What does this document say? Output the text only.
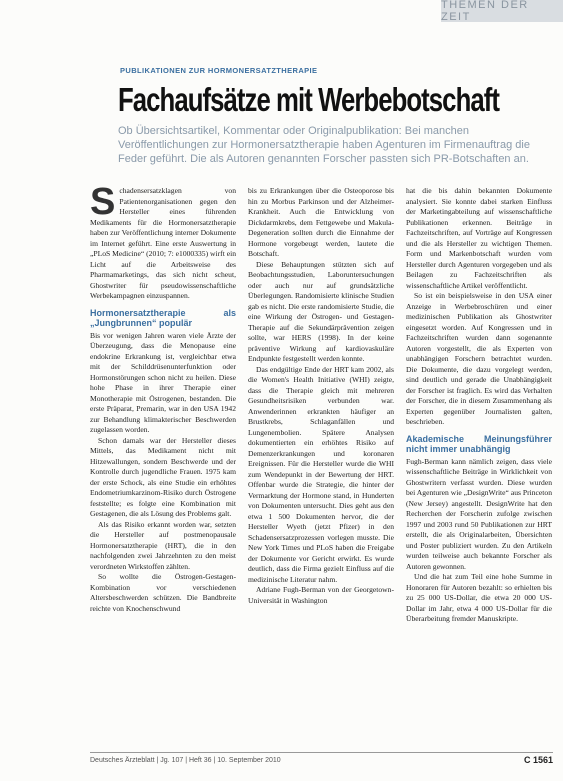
THEMEN DER ZEIT
PUBLIKATIONEN ZUR HORMONERSATZTHERAPIE
Fachaufsätze mit Werbebotschaft
Ob Übersichtsartikel, Kommentar oder Originalpublikation: Bei manchen Veröffentlichungen zur Hormonersatztherapie haben Agenturen im Firmenauftrag die Feder geführt. Die als Autoren genannten Forscher passten sich PR-Botschaften an.

Schadensersatzklagen von Patientenorganisationen gegen den Hersteller eines führenden Medikaments für die Hormonersatztherapie haben zur Veröffentlichung interner Dokumente im Internet geführt. Eine erste Auswertung in „PLoS Medicine“ (2010; 7: e1000335) wirft ein Licht auf die Arbeitsweise des Pharmamarketings, das sich nicht scheut, Ghostwriter für pseudowissenschaftliche Werbekampagnen einzuspannen.

Hormonersatztherapie als „Jungbrunnen“ populär

Bis vor wenigen Jahren waren viele Ärzte der Überzeugung, dass die Menopause eine endokrine Erkrankung ist, vergleichbar etwa mit der Schilddrüsenunterfunktion oder Hormonstörungen schon nicht zu heilen. Diese hohe Phase in ihrer Therapie einer Monotherapie mit Östrogenen, bestanden. Die erste Präparat, Premarin, war in den USA 1942 zur Behandlung klimakterischer Beschwerden zugelassen worden.

Schon damals war der Hersteller dieses Mittels, das Medikament nicht mit Hitzewallungen, sondern Beschwerde und der Kontrolle durch jugendliche Frauen. 1975 kam der erste Schock, als eine Studie ein erhöhtes Endometriumkarzinom-Risiko durch Östrogene feststellte; es folgte eine Kombination mit Gestagenen, die als Lösung des Problems galt.

Als das Risiko erkannt worden war, setzten die Hersteller auf postmenopausale Hormonersatztherapie (HRT), die in den nachfolgenden zwei Jahrzehnten zu den meist verordneten Wirkstoffen zählten.

So wollte die Östrogen-Gestagen-Kombination vor verschiedenen Altersbeschwerden schützen. Die Bandbreite reichte von Knochenschwund

bis zu Erkrankungen über die Osteoporose bis hin zu Morbus Parkinson und der Alzheimer-Krankheit. Auch die Entwicklung von Dickdarmkrebs, dem Fettgewebe und Makula-Degeneration sollten durch die Einnahme der Hormone vorgebeugt werden, lautete die Botschaft.

Diese Behauptungen stützten sich auf Beobachtungsstudien, Laboruntersuchungen oder auch nur auf grundsätzliche Überlegungen. Randomisierte klinische Studien gab es nicht. Die erste randomisierte Studie, die eine Wirkung der Östrogen- und Gestagen-Therapie auf die Sekundärprävention zeigen sollte, war HERS (1998). In der keine präventive Wirkung auf kardiovaskuläre Endpunkte festgestellt werden konnte.

Das endgültige Ende der HRT kam 2002, als die Women's Health Initiative (WHI) zeigte, dass die Therapie gleich mit mehreren Gesundheitsrisiken verbunden war. Anwenderinnen erkrankten häufiger an Brustkrebs, Schlaganfällen und Lungenembolien. Spätere Analysen dokumentierten ein erhöhtes Risiko auf Demenzerkrankungen und koronaren Ereignissen. Für die Hersteller wurde die WHI zum Wendepunkt in der Bewertung der HRT. Offenbar wurde die Strategie, die hinter der Vermarktung der Hormone stand, in Hunderten von Dokumenten untersucht. Dies geht aus den etwa 1 500 Dokumenten hervor, die der Hersteller Wyeth (jetzt Pfizer) in den Schadensersatzprozessen vorlegen musste. Die New York Times und PLoS haben die Freigabe der Dokumente vor Gericht erwirkt. Es wurde deutlich, dass die Firma gezielt Einfluss auf die medizinische Literatur nahm.

Adriane Fugh-Berman von der Georgetown-Universität in Washington

hat die bis dahin bekannten Dokumente analysiert. Sie konnte dabei starken Einfluss der Marketingabteilung auf wissenschaftliche Publikationen erkennen. Beiträge in Fachzeitschriften, auf Vorträge auf Kongressen und die als Hersteller zu wichtigen Themen. Form und Markenbotschaft wurden vom Hersteller durch Agenturen vorgegeben und als Beilagen zu Fachzeitschriften als wissenschaftliche Artikel veröffentlicht.

So ist ein beispielsweise in den USA einer Anzeige in Werbebroschüren und einer medizinischen Publikation als Ghostwriter eingesetzt worden. Auf Kongressen und in Fachzeitschriften wurden dann sogenannte Autoren vorgestellt, die als Experten von unabhängigen Forschern betrachtet wurden. Die Dokumente, die dazu vorgelegt werden, sind deutlich und gerade die Unabhängigkeit der Forscher ist fraglich. Es wird das Verhalten der Forscher, die in diesem Zusammenhang als Experten gegenüber Journalisten galten, beschrieben.

Akademische Meinungsführer nicht immer unabhängig

Fugh-Berman kann nämlich zeigen, dass viele wissenschaftliche Beiträge in Wirklichkeit von Ghostwritern verfasst wurden. Diese wurden bei Agenturen wie „DesignWrite“ aus Princeton (New Jersey) angestellt. DesignWrite hat den Recherchen der Forscherin zufolge zwischen 1997 und 2003 rund 50 Publikationen zur HRT erstellt, die als Originalarbeiten, Übersichten und Poster publiziert wurden. Zu den Artikeln wurden teilweise auch bekannte Forscher als Autoren gewonnen.

Und die hat zum Teil eine hohe Summe in Honoraren für Autoren bezahlt: so erhielten bis zu 25 000 US-Dollar, die etwa 20 000 US-Dollar im Jahr, etwa 4 000 US-Dollar für die Überarbeitung fremder Manuskripte.

Deutsches Ärzteblatt | Jg. 107 | Heft 36 | 10. September 2010	C 1561
